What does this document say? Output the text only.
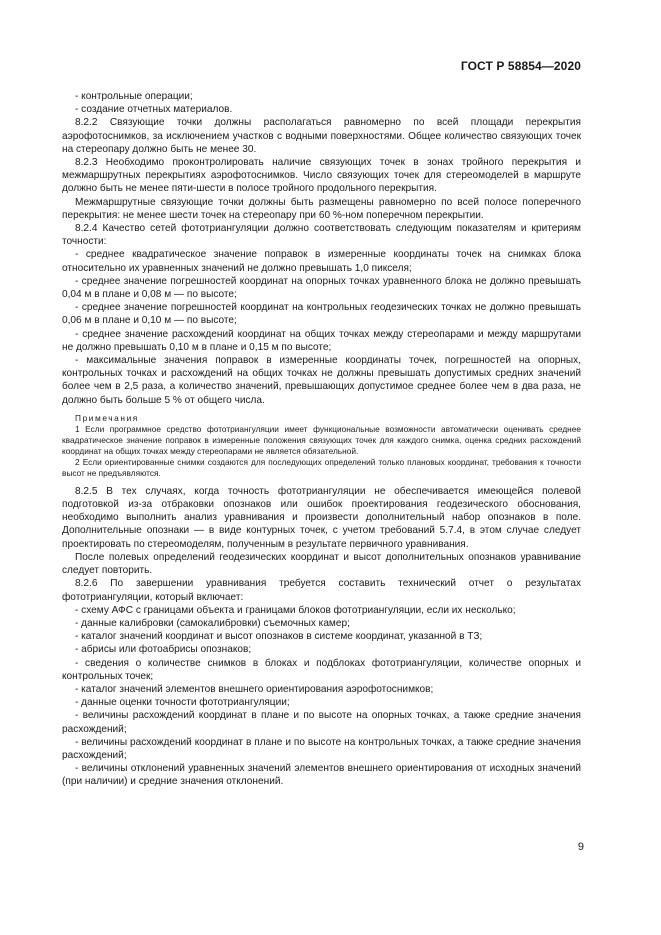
ГОСТ Р 58854—2020

- контрольные операции;

- создание отчетных материалов.

8.2.2 Связующие точки должны располагаться равномерно по всей площади перекрытия аэрофотоснимков, за исключением участков с водными поверхностями. Общее количество связующих точек на стереопару должно быть не менее 30.

8.2.3 Необходимо проконтролировать наличие связующих точек в зонах тройного перекрытия и межмаршрутных перекрытиях аэрофотоснимков. Число связующих точек для стереомоделей в маршруте должно быть не менее пяти-шести в полосе тройного продольного перекрытия.

Межмаршрутные связующие точки должны быть размещены равномерно по всей полосе поперечного перекрытия: не менее шести точек на стереопару при 60 %-ном поперечном перекрытии.

8.2.4 Качество сетей фототриангуляции должно соответствовать следующим показателям и критериям точности:

- среднее квадратическое значение поправок в измеренные координаты точек на снимках блока относительно их уравненных значений не должно превышать 1,0 пикселя;

- среднее значение погрешностей координат на опорных точках уравненного блока не должно превышать 0,04 м в плане и 0,08 м — по высоте;

- среднее значение погрешностей координат на контрольных геодезических точках не должно превышать 0,06 м в плане и 0,10 м — по высоте;

- среднее значение расхождений координат на общих точках между стереопарами и между маршрутами не должно превышать 0,10 м в плане и 0,15 м по высоте;

- максимальные значения поправок в измеренные координаты точек, погрешностей на опорных, контрольных точках и расхождений на общих точках не должны превышать допустимых средних значений более чем в 2,5 раза, а количество значений, превышающих допустимое среднее более чем в два раза, не должно быть больше 5 % от общего числа.

Примечания

1 Если программное средство фототриангуляции имеет функциональные возможности автоматически оценивать среднее квадратическое значение поправок в измеренные положения связующих точек для каждого снимка, оценка средних расхождений координат на общих точках между стереопарами не является обязательной.

2 Если ориентированные снимки создаются для последующих определений только плановых координат, требования к точности высот не предъявляются.

8.2.5 В тех случаях, когда точность фототриангуляции не обеспечивается имеющейся полевой подготовкой из-за отбраковки опознаков или ошибок проектирования геодезического обоснования, необходимо выполнить анализ уравнивания и произвести дополнительный набор опознаков в поле. Дополнительные опознаки — в виде контурных точек, с учетом требований 5.7.4, в этом случае следует проектировать по стереомоделям, полученным в результате первичного уравнивания.

После полевых определений геодезических координат и высот дополнительных опознаков уравнивание следует повторить.

8.2.6 По завершении уравнивания требуется составить технический отчет о результатах фототриангуляции, который включает:

- схему АФС с границами объекта и границами блоков фототриангуляции, если их несколько;

- данные калибровки (самокалибровки) съемочных камер;

- каталог значений координат и высот опознаков в системе координат, указанной в ТЗ;

- абрисы или фотоабрисы опознаков;

- сведения о количестве снимков в блоках и подблоках фототриангуляции, количестве опорных и контрольных точек;

- каталог значений элементов внешнего ориентирования аэрофотоснимков;

- данные оценки точности фототриангуляции;

- величины расхождений координат в плане и по высоте на опорных точках, а также средние значения расхождений;

- величины расхождений координат в плане и по высоте на контрольных точках, а также средние значения расхождений;

- величины отклонений уравненных значений элементов внешнего ориентирования от исходных значений (при наличии) и средние значения отклонений.

9
